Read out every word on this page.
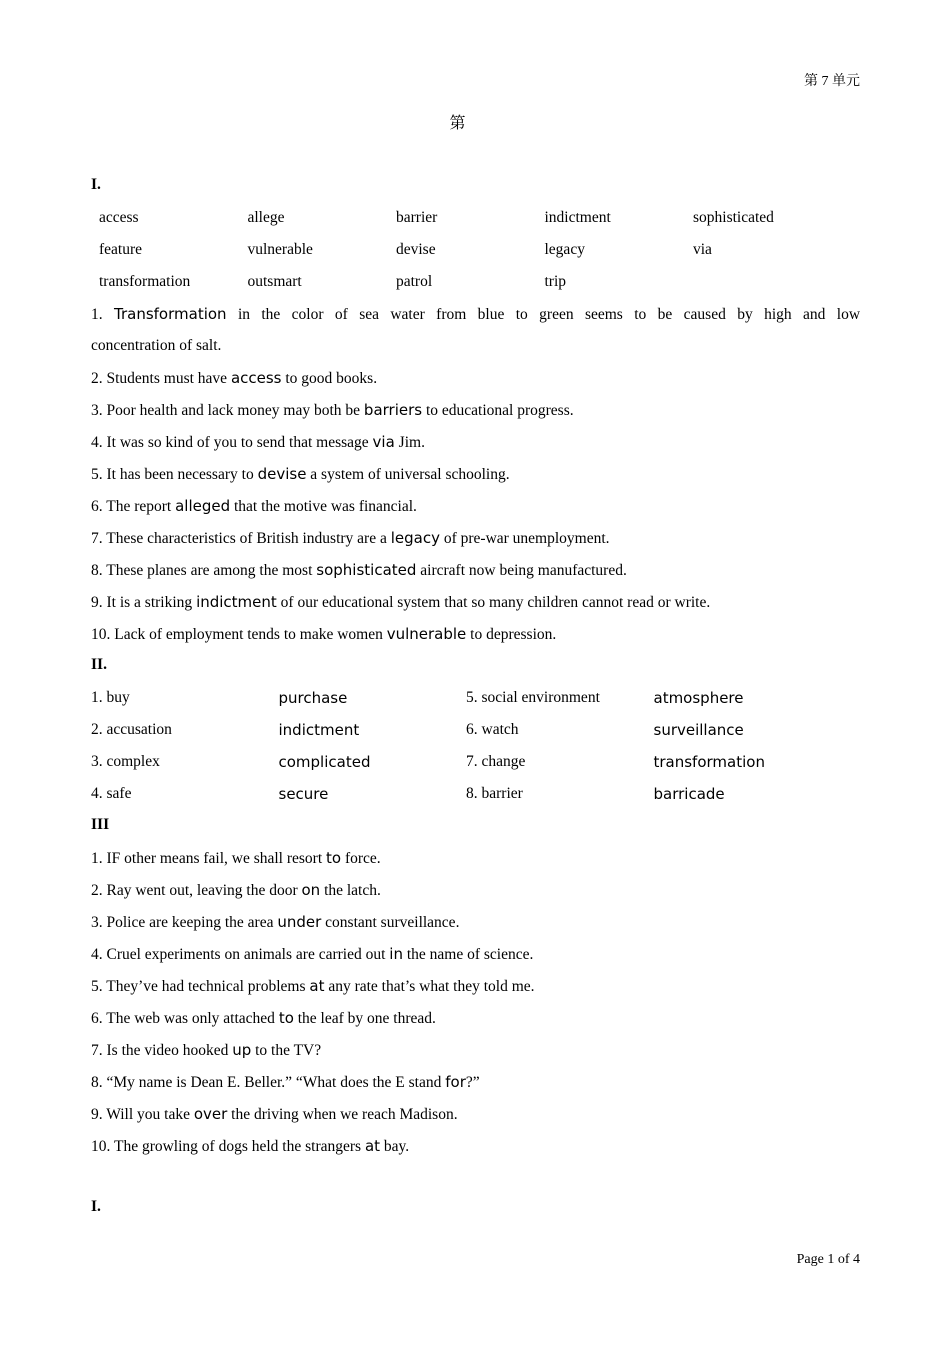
第 7 单元
第
I.
access	allege	barrier	indictment	sophisticated
feature	vulnerable	devise	legacy	via
transformation	outsmart	patrol	trip
1. Transformation in the color of sea water from blue to green seems to be caused by high and low
concentration of salt.
2. Students must have access to good books.
3. Poor health and lack money may both be barriers to educational progress.
4. It was so kind of you to send that message via Jim.
5. It has been necessary to devise a system of universal schooling.
6. The report alleged that the motive was financial.
7. These characteristics of British industry are a legacy of pre-war unemployment.
8. These planes are among the most sophisticated aircraft now being manufactured.
9. It is a striking indictment of our educational system that so many children cannot read or write.
10. Lack of employment tends to make women vulnerable to depression.
II.
1. buy	purchase	5. social environment	atmosphere
2. accusation	indictment	6. watch	surveillance
3. complex	complicated	7. change	transformation
4. safe	secure	8. barrier	barricade
III
1. IF other means fail, we shall resort to force.
2. Ray went out, leaving the door on the latch.
3. Police are keeping the area under constant surveillance.
4. Cruel experiments on animals are carried out in the name of science.
5. They’ve had technical problems at any rate that’s what they told me.
6. The web was only attached to the leaf by one thread.
7. Is the video hooked up to the TV?
8. “My name is Dean E. Beller.” “What does the E stand for?”
9. Will you take over the driving when we reach Madison.
10. The growling of dogs held the strangers at bay.
I.
Page 1 of 4
